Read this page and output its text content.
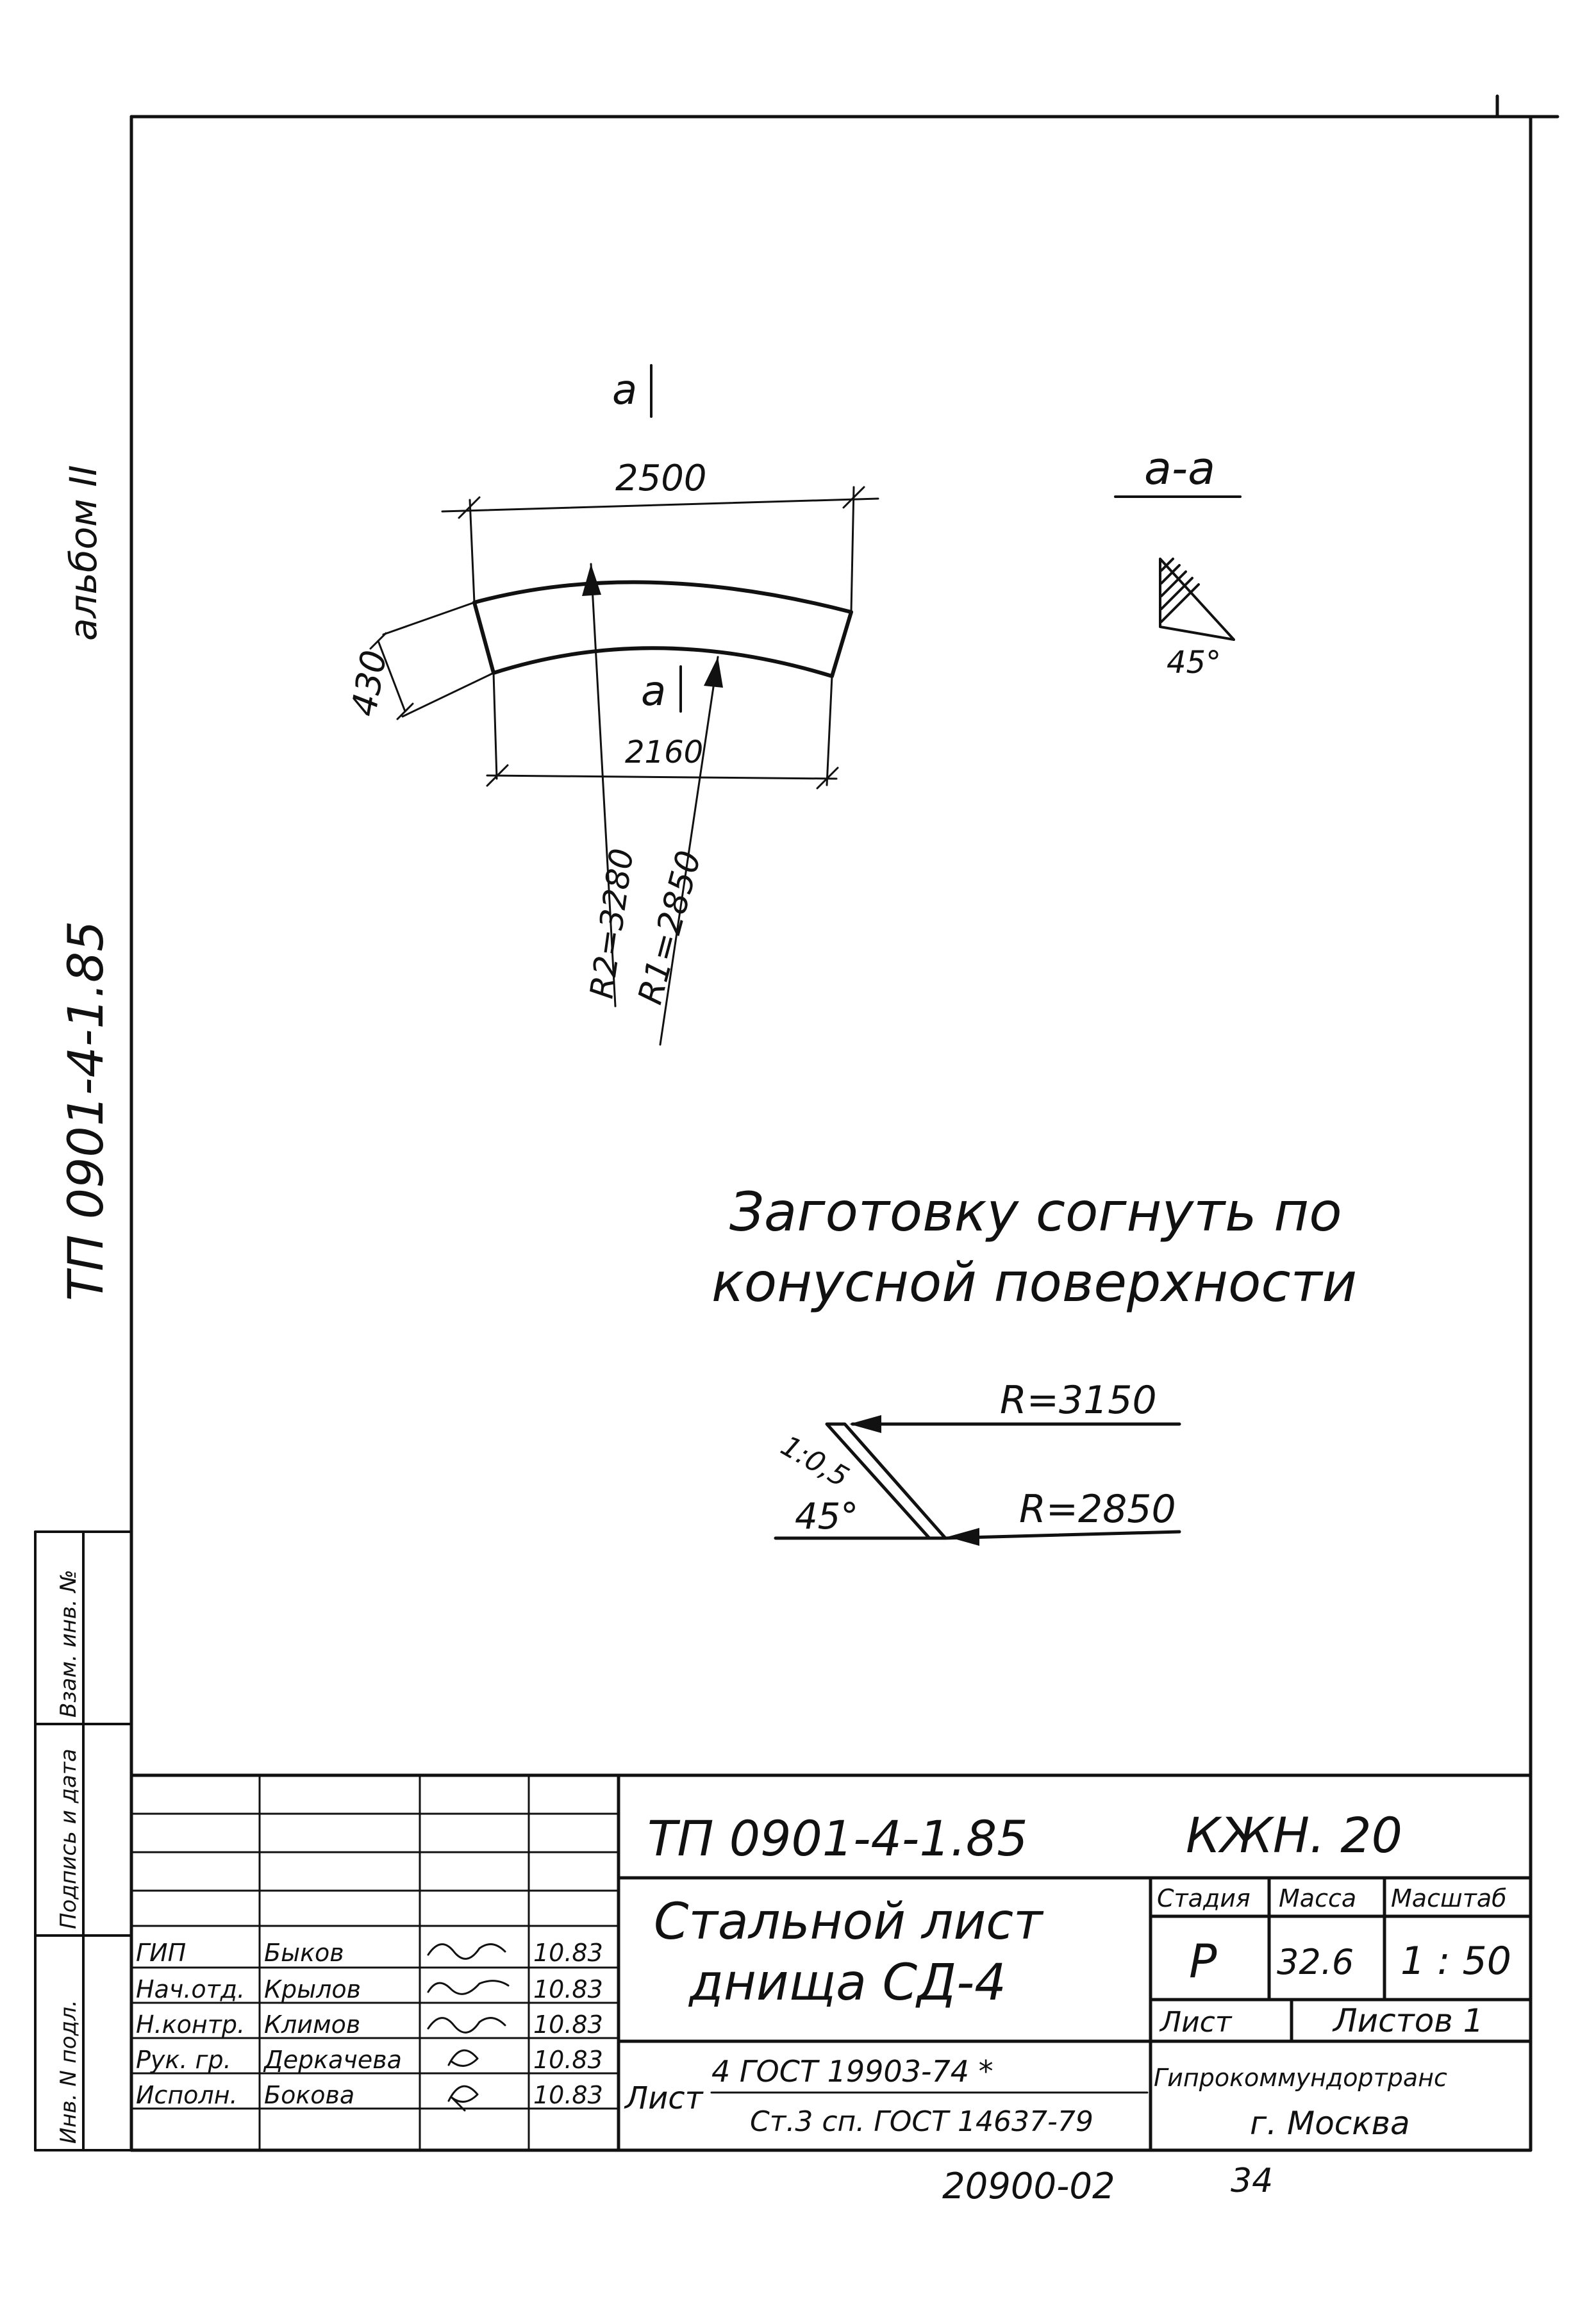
ТП 0901-4-1.85
альбом II
Взам. инв. №
Подпись и дата
Инв. N подл.
а
а
2500
2160
430
R2=3280
R1=2850
а-а
45°
Заготовку согнуть по
конусной поверхности
R=3150
R=2850
1:0,5
45°
ТП 0901-4-1.85	КЖН. 20
Стальной лист
днища СД-4
Стадия Масса Масштаб
Р 32.6 1 : 50
Лист	Листов 1
Лист
4 ГОСТ 19903-74 *
Ст.3 сп. ГОСТ 14637-79
Гипрокоммундортранс
г. Москва
ГИП	Быков	10.83
Нач.отд. Крылов	10.83
Н.контр. Климов	10.83
Рук. гр. Деркачева	10.83
Исполн. Бокова	10.83
20900-02	34
